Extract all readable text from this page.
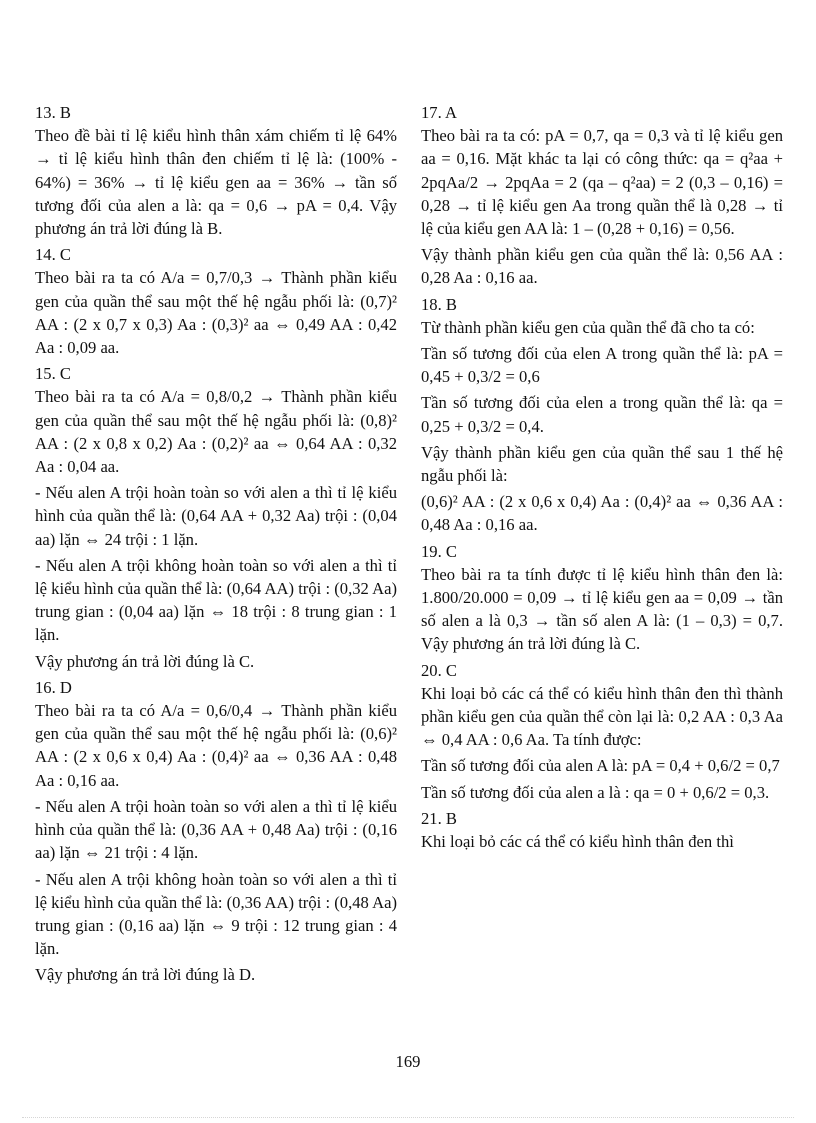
13. B
Theo đề bài tỉ lệ kiểu hình thân xám chiếm tỉ lệ 64% → tỉ lệ kiểu hình thân đen chiếm tỉ lệ là: (100% - 64%) = 36% → tỉ lệ kiểu gen aa = 36% → tần số tương đối của alen a là: qa = 0,6 → pA = 0,4. Vậy phương án trả lời đúng là B.
14. C
Theo bài ra ta có A/a = 0,7/0,3 → Thành phần kiểu gen của quần thể sau một thế hệ ngẫu phối là: (0,7)² AA : (2 x 0,7 x 0,3) Aa : (0,3)² aa ⇔ 0,49 AA : 0,42 Aa : 0,09 aa.
15. C
Theo bài ra ta có A/a = 0,8/0,2 → Thành phần kiểu gen của quần thể sau một thế hệ ngẫu phối là: (0,8)² AA : (2 x 0,8 x 0,2) Aa : (0,2)² aa ⇔ 0,64 AA : 0,32 Aa : 0,04 aa.
- Nếu alen A trội hoàn toàn so với alen a thì tỉ lệ kiểu hình của quần thể là: (0,64 AA + 0,32 Aa) trội : (0,04 aa) lặn ⇔ 24 trội : 1 lặn.
- Nếu alen A trội không hoàn toàn so với alen a thì tỉ lệ kiểu hình của quần thể là: (0,64 AA) trội : (0,32 Aa) trung gian : (0,04 aa) lặn ⇔ 18 trội : 8 trung gian : 1 lặn.
Vậy phương án trả lời đúng là C.
16. D
Theo bài ra ta có A/a = 0,6/0,4 → Thành phần kiểu gen của quần thể sau một thế hệ ngẫu phối là: (0,6)² AA : (2 x 0,6 x 0,4) Aa : (0,4)² aa ⇔ 0,36 AA : 0,48 Aa : 0,16 aa.
- Nếu alen A trội hoàn toàn so với alen a thì tỉ lệ kiểu hình của quần thể là: (0,36 AA + 0,48 Aa) trội : (0,16 aa) lặn ⇔ 21 trội : 4 lặn.
- Nếu alen A trội không hoàn toàn so với alen a thì tỉ lệ kiểu hình của quần thể là: (0,36 AA) trội : (0,48 Aa) trung gian : (0,16 aa) lặn ⇔ 9 trội : 12 trung gian : 4 lặn.
Vậy phương án trả lời đúng là D.
17. A
Theo bài ra ta có: pA = 0,7, qa = 0,3 và tỉ lệ kiểu gen aa = 0,16. Mặt khác ta lại có công thức: qa = q²aa + 2pqAa/2 → 2pqAa = 2 (qa – q²aa) = 2 (0,3 – 0,16) = 0,28 → tỉ lệ kiểu gen Aa trong quần thể là 0,28 → tỉ lệ của kiểu gen AA là: 1 – (0,28 + 0,16) = 0,56.
Vậy thành phần kiểu gen của quần thể là: 0,56 AA : 0,28 Aa : 0,16 aa.
18. B
Từ thành phần kiểu gen của quần thể đã cho ta có:
Tần số tương đối của elen A trong quần thể là: pA = 0,45 + 0,3/2 = 0,6
Tần số tương đối của elen a trong quần thể là: qa = 0,25 + 0,3/2 = 0,4.
Vậy thành phần kiểu gen của quần thể sau 1 thế hệ ngẫu phối là:
(0,6)² AA : (2 x 0,6 x 0,4) Aa : (0,4)² aa ⇔ 0,36 AA : 0,48 Aa : 0,16 aa.
19. C
Theo bài ra ta tính được tỉ lệ kiểu hình thân đen là: 1.800/20.000 = 0,09 → tỉ lệ kiểu gen aa = 0,09 → tần số alen a là 0,3 → tần số alen A là: (1 – 0,3) = 0,7. Vậy phương án trả lời đúng là C.
20. C
Khi loại bỏ các cá thể có kiểu hình thân đen thì thành phần kiểu gen của quần thể còn lại là: 0,2 AA : 0,3 Aa ⇔ 0,4 AA : 0,6 Aa. Ta tính được:
Tần số tương đối của alen A là: pA = 0,4 + 0,6/2 = 0,7
Tần số tương đối của alen a là : qa = 0 + 0,6/2 = 0,3.
21. B
Khi loại bỏ các cá thể có kiểu hình thân đen thì
169
